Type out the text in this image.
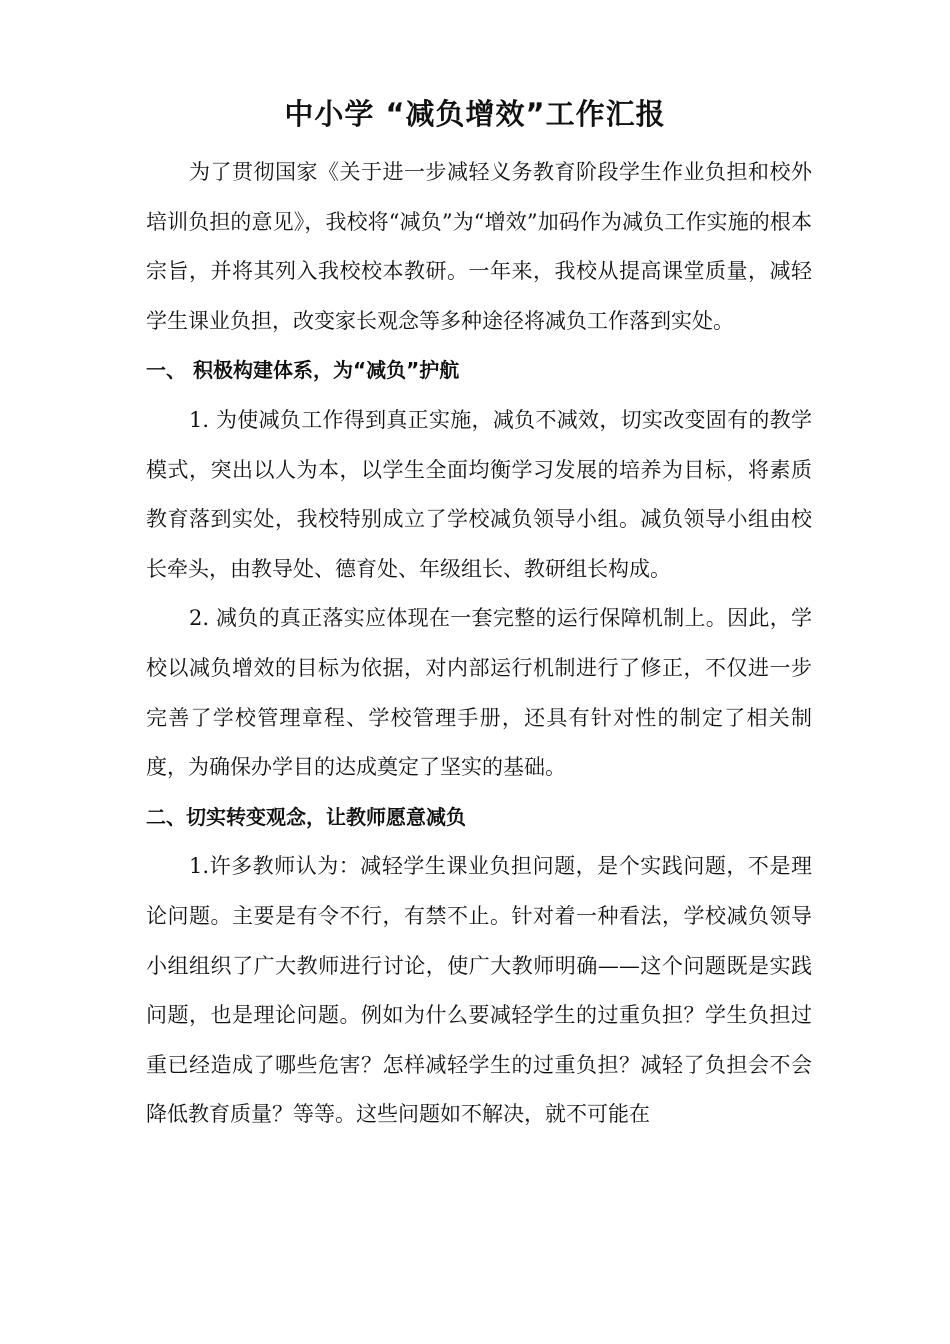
中小学 “减负增效”工作汇报

为了贯彻国家《关于进一步减轻义务教育阶段学生作业负担和校外培训负担的意见》，我校将“减负”为“增效”加码作为减负工作实施的根本宗旨，并将其列入我校校本教研。一年来，我校从提高课堂质量，减轻学生课业负担，改变家长观念等多种途径将减负工作落到实处。

一、 积极构建体系，为“减负”护航

1. 为使减负工作得到真正实施，减负不减效，切实改变固有的教学模式，突出以人为本，以学生全面均衡学习发展的培养为目标，将素质教育落到实处，我校特别成立了学校减负领导小组。减负领导小组由校长牵头，由教导处、德育处、年级组长、教研组长构成。

2. 减负的真正落实应体现在一套完整的运行保障机制上。因此，学校以减负增效的目标为依据，对内部运行机制进行了修正，不仅进一步完善了学校管理章程、学校管理手册，还具有针对性的制定了相关制度，为确保办学目的达成奠定了坚实的基础。

二、切实转变观念，让教师愿意减负

1.许多教师认为：减轻学生课业负担问题，是个实践问题，不是理论问题。主要是有令不行，有禁不止。针对着一种看法，学校减负领导小组组织了广大教师进行讨论，使广大教师明确——这个问题既是实践问题，也是理论问题。例如为什么要减轻学生的过重负担？学生负担过重已经造成了哪些危害？怎样减轻学生的过重负担？减轻了负担会不会降低教育质量？等等。这些问题如不解决，就不可能在
